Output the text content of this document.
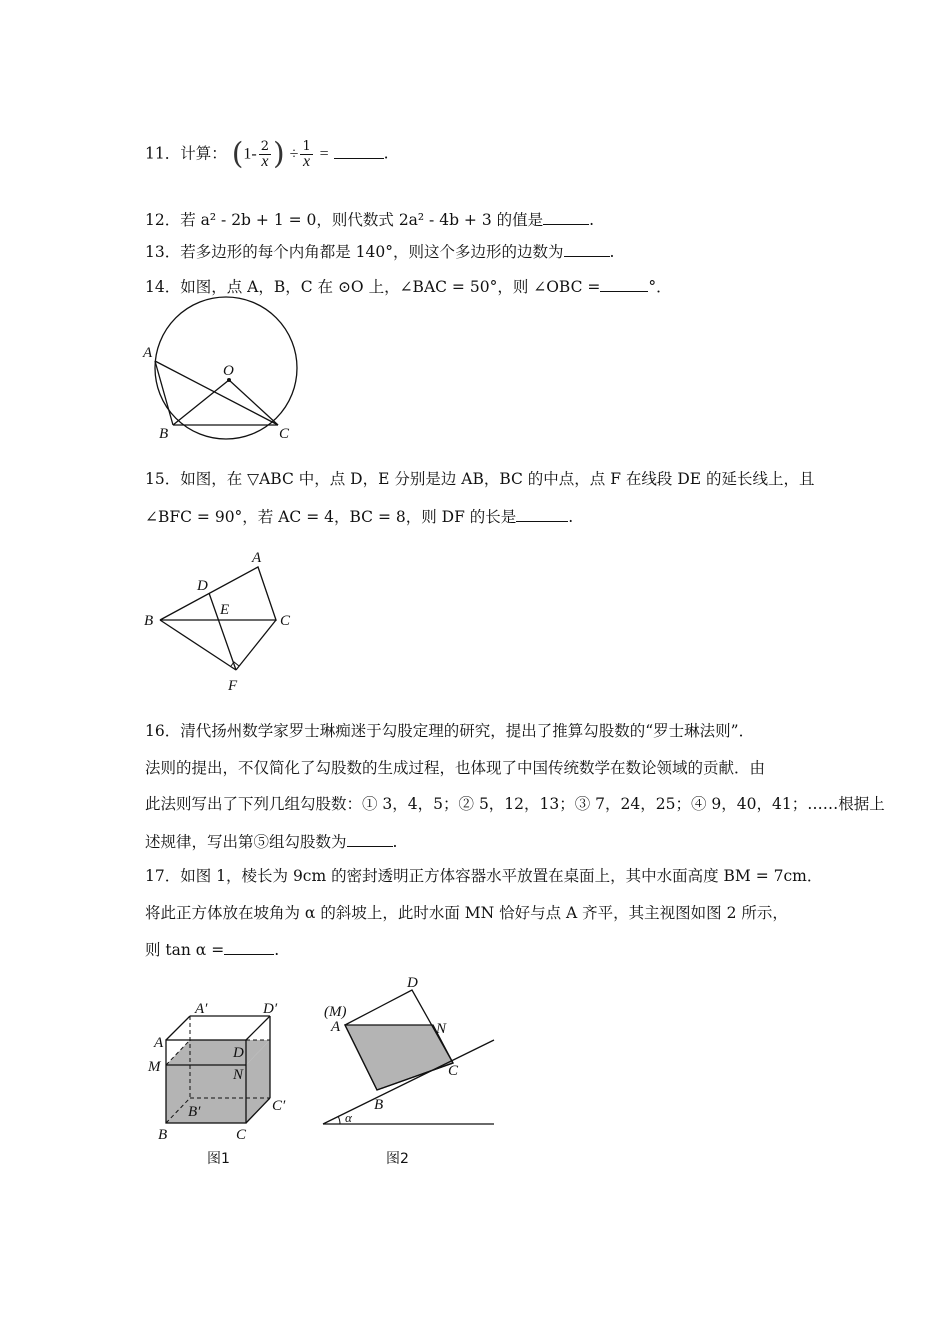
11．计算： ($1- \frac{2}{x}$ ) ÷ $\frac{1}{x}$ =	.
12．若 a² - 2b + 1 = 0，则代数式 2a² - 4b + 3 的值是	.
13．若多边形的每个内角都是 140°，则这个多边形的边数为	.
14．如图，点 A，B，C 在 ⊙O 上，∠BAC = 50°，则 ∠OBC =	°．
A
O
B	C
15．如图，在 ▽ABC 中，点 D，E 分别是边 AB，BC 的中点，点 F 在线段 DE 的延长线上，且
∠BFC = 90°，若 AC = 4，BC = 8，则 DF 的长是	.
A
D
E
B	C
F
16．清代扬州数学家罗士琳痴迷于勾股定理的研究，提出了推算勾股数的“罗士琳法则”．
法则的提出，不仅简化了勾股数的生成过程，也体现了中国传统数学在数论领域的贡献．由
此法则写出了下列几组勾股数：① 3，4，5；② 5，12，13；③ 7，24，25；④ 9，40，41；……根据上
述规律，写出第⑤组勾股数为	.
17．如图 1，棱长为 9cm 的密封透明正方体容器水平放置在桌面上，其中水面高度 BM = 7cm．
将此正方体放在坡角为 α 的斜坡上，此时水面 MN 恰好与点 A 齐平，其主视图如图 2 所示，
则 tan α =	.
A′	D′
A
M
D
N
B′	C′
B	C
图1
D
(M)
A	N
C
B
α
图2
